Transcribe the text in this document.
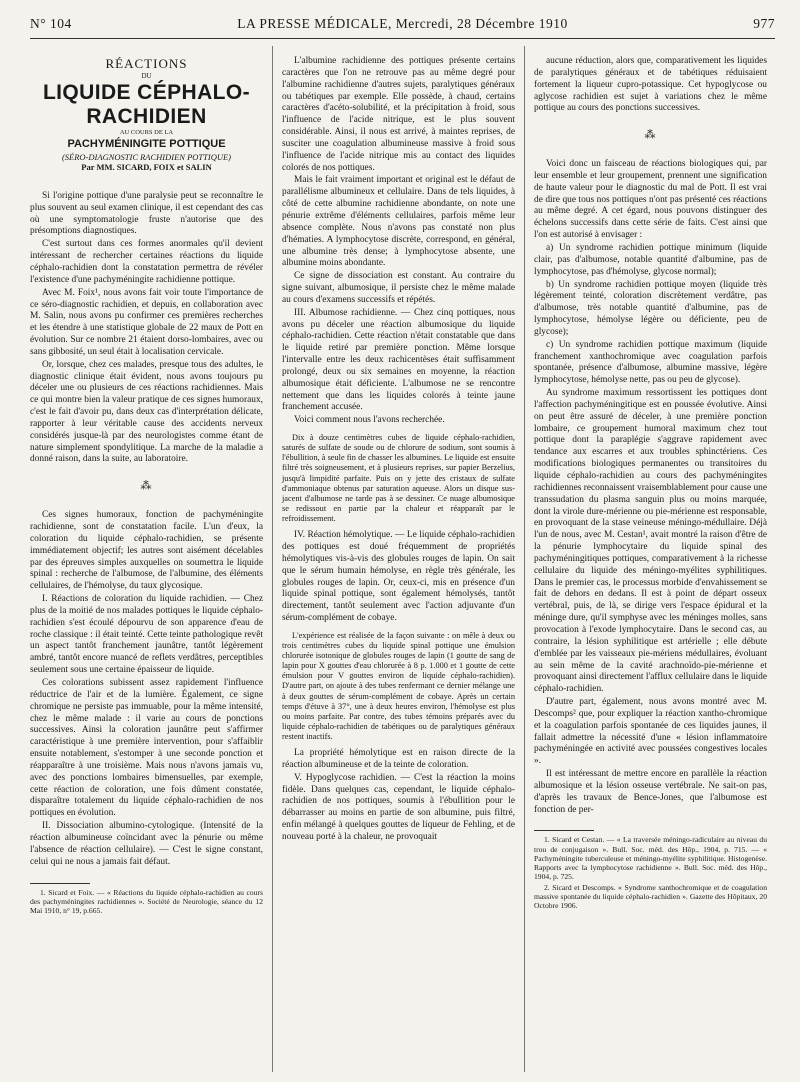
N° 104	LA PRESSE MÉDICALE, Mercredi, 28 Décembre 1910	977
RÉACTIONS
DU
LIQUIDE CÉPHALO-RACHIDIEN
AU COURS DE LA
PACHYMÉNINGITE POTTIQUE
(SÉRO-DIAGNOSTIC RACHIDIEN POTTIQUE)
Par MM. SICARD, FOIX et SALIN

Si l'origine pottique d'une paralysie peut se reconnaître le plus souvent au seul examen clinique, il est cependant des cas où une symptomatologie fruste n'autorise que des présomptions diagnostiques.

C'est surtout dans ces formes anormales qu'il devient intéressant de rechercher certaines réactions du liquide céphalo-rachidien dont la constatation permettra de révéler l'existence d'une pachyméningite rachidienne pottique.

Avec M. Foix¹, nous avons fait voir toute l'importance de ce séro-diagnostic rachidien, et depuis, en collaboration avec M. Salin, nous avons pu confirmer ces premières recherches et les étendre à une statistique globale de 22 maux de Pott en évolution. Sur ce nombre 21 étaient dorso-lombaires, avec ou sans gibbosité, un seul était à localisation cervicale.

Or, lorsque, chez ces malades, presque tous des adultes, le diagnostic clinique était évident, nous avons toujours pu déceler une ou plusieurs de ces réactions rachidiennes. Mais ce qui montre bien la valeur pratique de ces signes humoraux, c'est le fait d'avoir pu, dans deux cas d'interprétation délicate, rapporter à leur véritable cause des accidents nerveux considérés jusque-là par des neurologistes comme étant de nature simplement spondylitique. La marche de la maladie a donné raison, dans la suite, au laboratoire.

⁂

Ces signes humoraux, fonction de pachyméningite rachidienne, sont de constatation facile. L'un d'eux, la coloration du liquide céphalo-rachidien, se présente immédiatement objectif; les autres sont aisément décelables par des épreuves simples auxquelles on soumettra le liquide spinal : recherche de l'albumose, de l'albumine, des éléments cellulaires, de l'hémolyse, du taux glycosique.

I. Réactions de coloration du liquide rachidien. — Chez plus de la moitié de nos malades pottiques le liquide céphalo-rachidien s'est écoulé dépourvu de son apparence d'eau de roche classique : il était teinté. Cette teinte pathologique revêt un aspect tantôt franchement jaunâtre, tantôt légèrement ambré, tantôt encore nuancé de reflets verdâtres, perceptibles seulement sous une certaine épaisseur de liquide.

Ces colorations subissent assez rapidement l'influence réductrice de l'air et de la lumière. Également, ce signe chromique ne persiste pas immuable, pour la même intensité, chez le même malade : il varie au cours de ponctions successives. Ainsi la coloration jaunâtre peut s'affirmer caractéristique à une première intervention, pour s'affaiblir ensuite notablement, s'estomper à une seconde ponction et réapparaître à une troisième. Mais nous n'avons jamais vu, avec des ponctions lombaires bimensuelles, par exemple, cette réaction de coloration, une fois dûment constatée, disparaître totalement du liquide céphalo-rachidien de nos pottiques en évolution.

II. Dissociation albumino-cytologique. (Intensité de la réaction albumineuse coïncidant avec la pénurie ou même l'absence de réaction cellulaire). — C'est le signe constant, celui qui ne nous a jamais fait défaut.

1. Sicard et Foix. — « Réactions du liquide céphalo-rachidien au cours des pachyméningites rachidiennes ». Société de Neurologie, séance du 12 Mai 1910, n° 19, p.665.

L'albumine rachidienne des pottiques présente certains caractères que l'on ne retrouve pas au même degré pour l'albumine rachidienne d'autres sujets, paralytiques généraux ou tabétiques par exemple. Elle possède, à chaud, certains caractères d'acéto-solubilité, et la précipitation à froid, sous l'influence de l'acide nitrique, est le plus souvent considérable. Ainsi, il nous est arrivé, à maintes reprises, de susciter une coagulation albumineuse massive à froid sous l'influence de l'acide nitrique mis au contact des liquides colorés de nos pottiques.

Mais le fait vraiment important et original est le défaut de parallélisme albumineux et cellulaire. Dans de tels liquides, à côté de cette albumine rachidienne abondante, on note une pénurie extrême d'éléments cellulaires, parfois même leur absence complète. Nous n'avons pas constaté non plus d'hématies. A lymphocytose discrète, correspond, en général, une albumine très dense; à lymphocytose absente, une albumine moins abondante.

Ce signe de dissociation est constant. Au contraire du signe suivant, albumosique, il persiste chez le même malade au cours d'examens successifs et répétés.

III. Albumose rachidienne. — Chez cinq pottiques, nous avons pu déceler une réaction albumosique du liquide céphalo-rachidien. Cette réaction n'était constatable que dans le liquide retiré par première ponction. Même lorsque l'intervalle entre les deux rachicentèses était suffisamment prolongé, deux ou six semaines en moyenne, la réaction albumosique était déficiente. L'albumose ne se rencontre nettement que dans les liquides colorés à teinte jaune franchement accusée.

Voici comment nous l'avons recherchée.

Dix à douze centimètres cubes de liquide céphalo-rachidien, saturés de sulfate de soude ou de chlorure de sodium, sont soumis à l'ébullition, à seule fin de chasser les albumines. Le liquide est ensuite filtré très soigneusement, et à plusieurs reprises, sur papier Berzelius, jusqu'à limpidité parfaite. Puis on y jette des cristaux de sulfate d'ammoniaque obtenus par saturation aqueuse. Alors un disque sus-jacent d'albumose ne tarde pas à se dessiner. Ce nuage albumosique se redissout en partie par la chaleur et réapparaît par le refroidissement.

IV. Réaction hémolytique. — Le liquide céphalo-rachidien des pottiques est doué fréquemment de propriétés hémolytiques vis-à-vis des globules rouges de lapin. On sait que le sérum humain hémolyse, en règle très générale, les globules rouges de lapin. Or, ceux-ci, mis en présence d'un liquide spinal pottique, sont également hémolysés, tantôt directement, tantôt seulement avec l'action adjuvante d'un sérum-complément de cobaye.

L'expérience est réalisée de la façon suivante : on mêle à deux ou trois centimètres cubes du liquide spinal pottique une émulsion chlorurée isotonique de globules rouges de lapin (1 goutte de sang de lapin pour X gouttes d'eau chlorurée à 8 p. 1.000 et 1 goutte de cette émulsion pour V gouttes environ de liquide céphalo-rachidien). D'autre part, on ajoute à des tubes renfermant ce dernier mélange une à deux gouttes de sérum-complément de cobaye. Après un certain temps d'étuve à 37°, une à deux heures environ, l'hémolyse est plus ou moins parfaite. Par contre, des tubes témoins préparés avec du liquide céphalo-rachidien de tabétiques ou de paralytiques généraux restent inactifs.

La propriété hémolytique est en raison directe de la réaction albumineuse et de la teinte de coloration.

V. Hypoglycose rachidien. — C'est la réaction la moins fidèle. Dans quelques cas, cependant, le liquide céphalo-rachidien de nos pottiques, soumis à l'ébullition pour le débarrasser au moins en partie de son albumine, puis filtré, enfin mélangé à quelques gouttes de liqueur de Fehling, et de nouveau porté à la chaleur, ne provoquait

aucune réduction, alors que, comparativement les liquides de paralytiques généraux et de tabétiques réduisaient fortement la liqueur cupro-potassique. Cet hypoglycose ou aglycose rachidien est sujet à variations chez le même pottique au cours des ponctions successives.

⁂

Voici donc un faisceau de réactions biologiques qui, par leur ensemble et leur groupement, prennent une signification de haute valeur pour le diagnostic du mal de Pott. Il est vrai de dire que tous nos pottiques n'ont pas présenté ces réactions au même degré. A cet égard, nous pouvons distinguer des échelons successifs dans cette série de faits. C'est ainsi que l'on est autorisé à envisager :

a) Un syndrome rachidien pottique minimum (liquide clair, pas d'albumose, notable quantité d'albumine, pas de lymphocytose, pas d'hémolyse, glycose normal);

b) Un syndrome rachidien pottique moyen (liquide très légèrement teinté, coloration discrètement verdâtre, pas d'albumose, très notable quantité d'albumine, pas de lymphocytose, hémolyse légère ou déficiente, peu de glycose);

c) Un syndrome rachidien pottique maximum (liquide franchement xanthochromique avec coagulation parfois spontanée, présence d'albumose, albumine massive, légère lymphocytose, hémolyse nette, pas ou peu de glycose).

Au syndrome maximum ressortissent les pottiques dont l'affection pachyméningitique est en poussée évolutive. Ainsi on peut être assuré de déceler, à une première ponction lombaire, ce groupement humoral maximum chez tout pottique dont la paraplégie s'aggrave rapidement avec tendance aux escarres et aux troubles sphinctériens. Ces modifications biologiques permanentes ou transitoires du liquide céphalo-rachidien au cours des pachyméningites rachidiennes reconnaissent vraisemblablement pour cause une transsudation du plasma sanguin plus ou moins marquée, dont la virole dure-mérienne ou pie-mérienne est responsable, en provoquant de la stase veineuse méningo-médullaire. Déjà l'un de nous, avec M. Cestan¹, avait montré la raison d'être de la pénurie lymphocytaire du liquide spinal des pachyméningitiques pottiques, comparativement à la richesse cellulaire du liquide des méningo-myélites syphilitiques. Dans le premier cas, le processus morbide d'envahissement se fait de dehors en dedans. Il est à point de départ osseux vertébral, puis, de là, se dirige vers l'espace épidural et la méninge dure, qu'il symphyse avec les méninges molles, sans provocation à l'exode lymphocytaire. Dans le second cas, au contraire, la lésion syphilitique est artérielle ; elle débute d'emblée par les vaisseaux pie-mériens médullaires, évoluant au sein même de la cavité arachnoïdo-pie-mérienne et provoquant ainsi directement l'afflux cellulaire dans le liquide céphalo-rachidien.

D'autre part, également, nous avons montré avec M. Descomps² que, pour expliquer la réaction xantho-chromique et la coagulation parfois spontanée de ces liquides jaunes, il fallait admettre la nécessité d'une « lésion inflammatoire pachyméningée en activité avec poussées congestives locales ».

Il est intéressant de mettre encore en parallèle la réaction albumosique et la lésion osseuse vertébrale. Ne sait-on pas, d'après les travaux de Bence-Jones, que l'albumose est fonction de per-

1. Sicard et Cestan. — « La traversée méningo-radiculaire au niveau du trou de conjugaison ». Bull. Soc. méd. des Hôp., 1904, p. 715. — « Pachyméningite tuberculeuse et méningo-myélite syphilitique. Histogenèse. Rapports avec la lymphocytose rachidienne ». Bull. Soc. méd. des Hôp., 1904, p. 725.

2. Sicard et Descomps. « Syndrome xanthochromique et de coagulation massive spontanée du liquide céphalo-rachidien ». Gazette des Hôpitaux, 20 Octobre 1906.
